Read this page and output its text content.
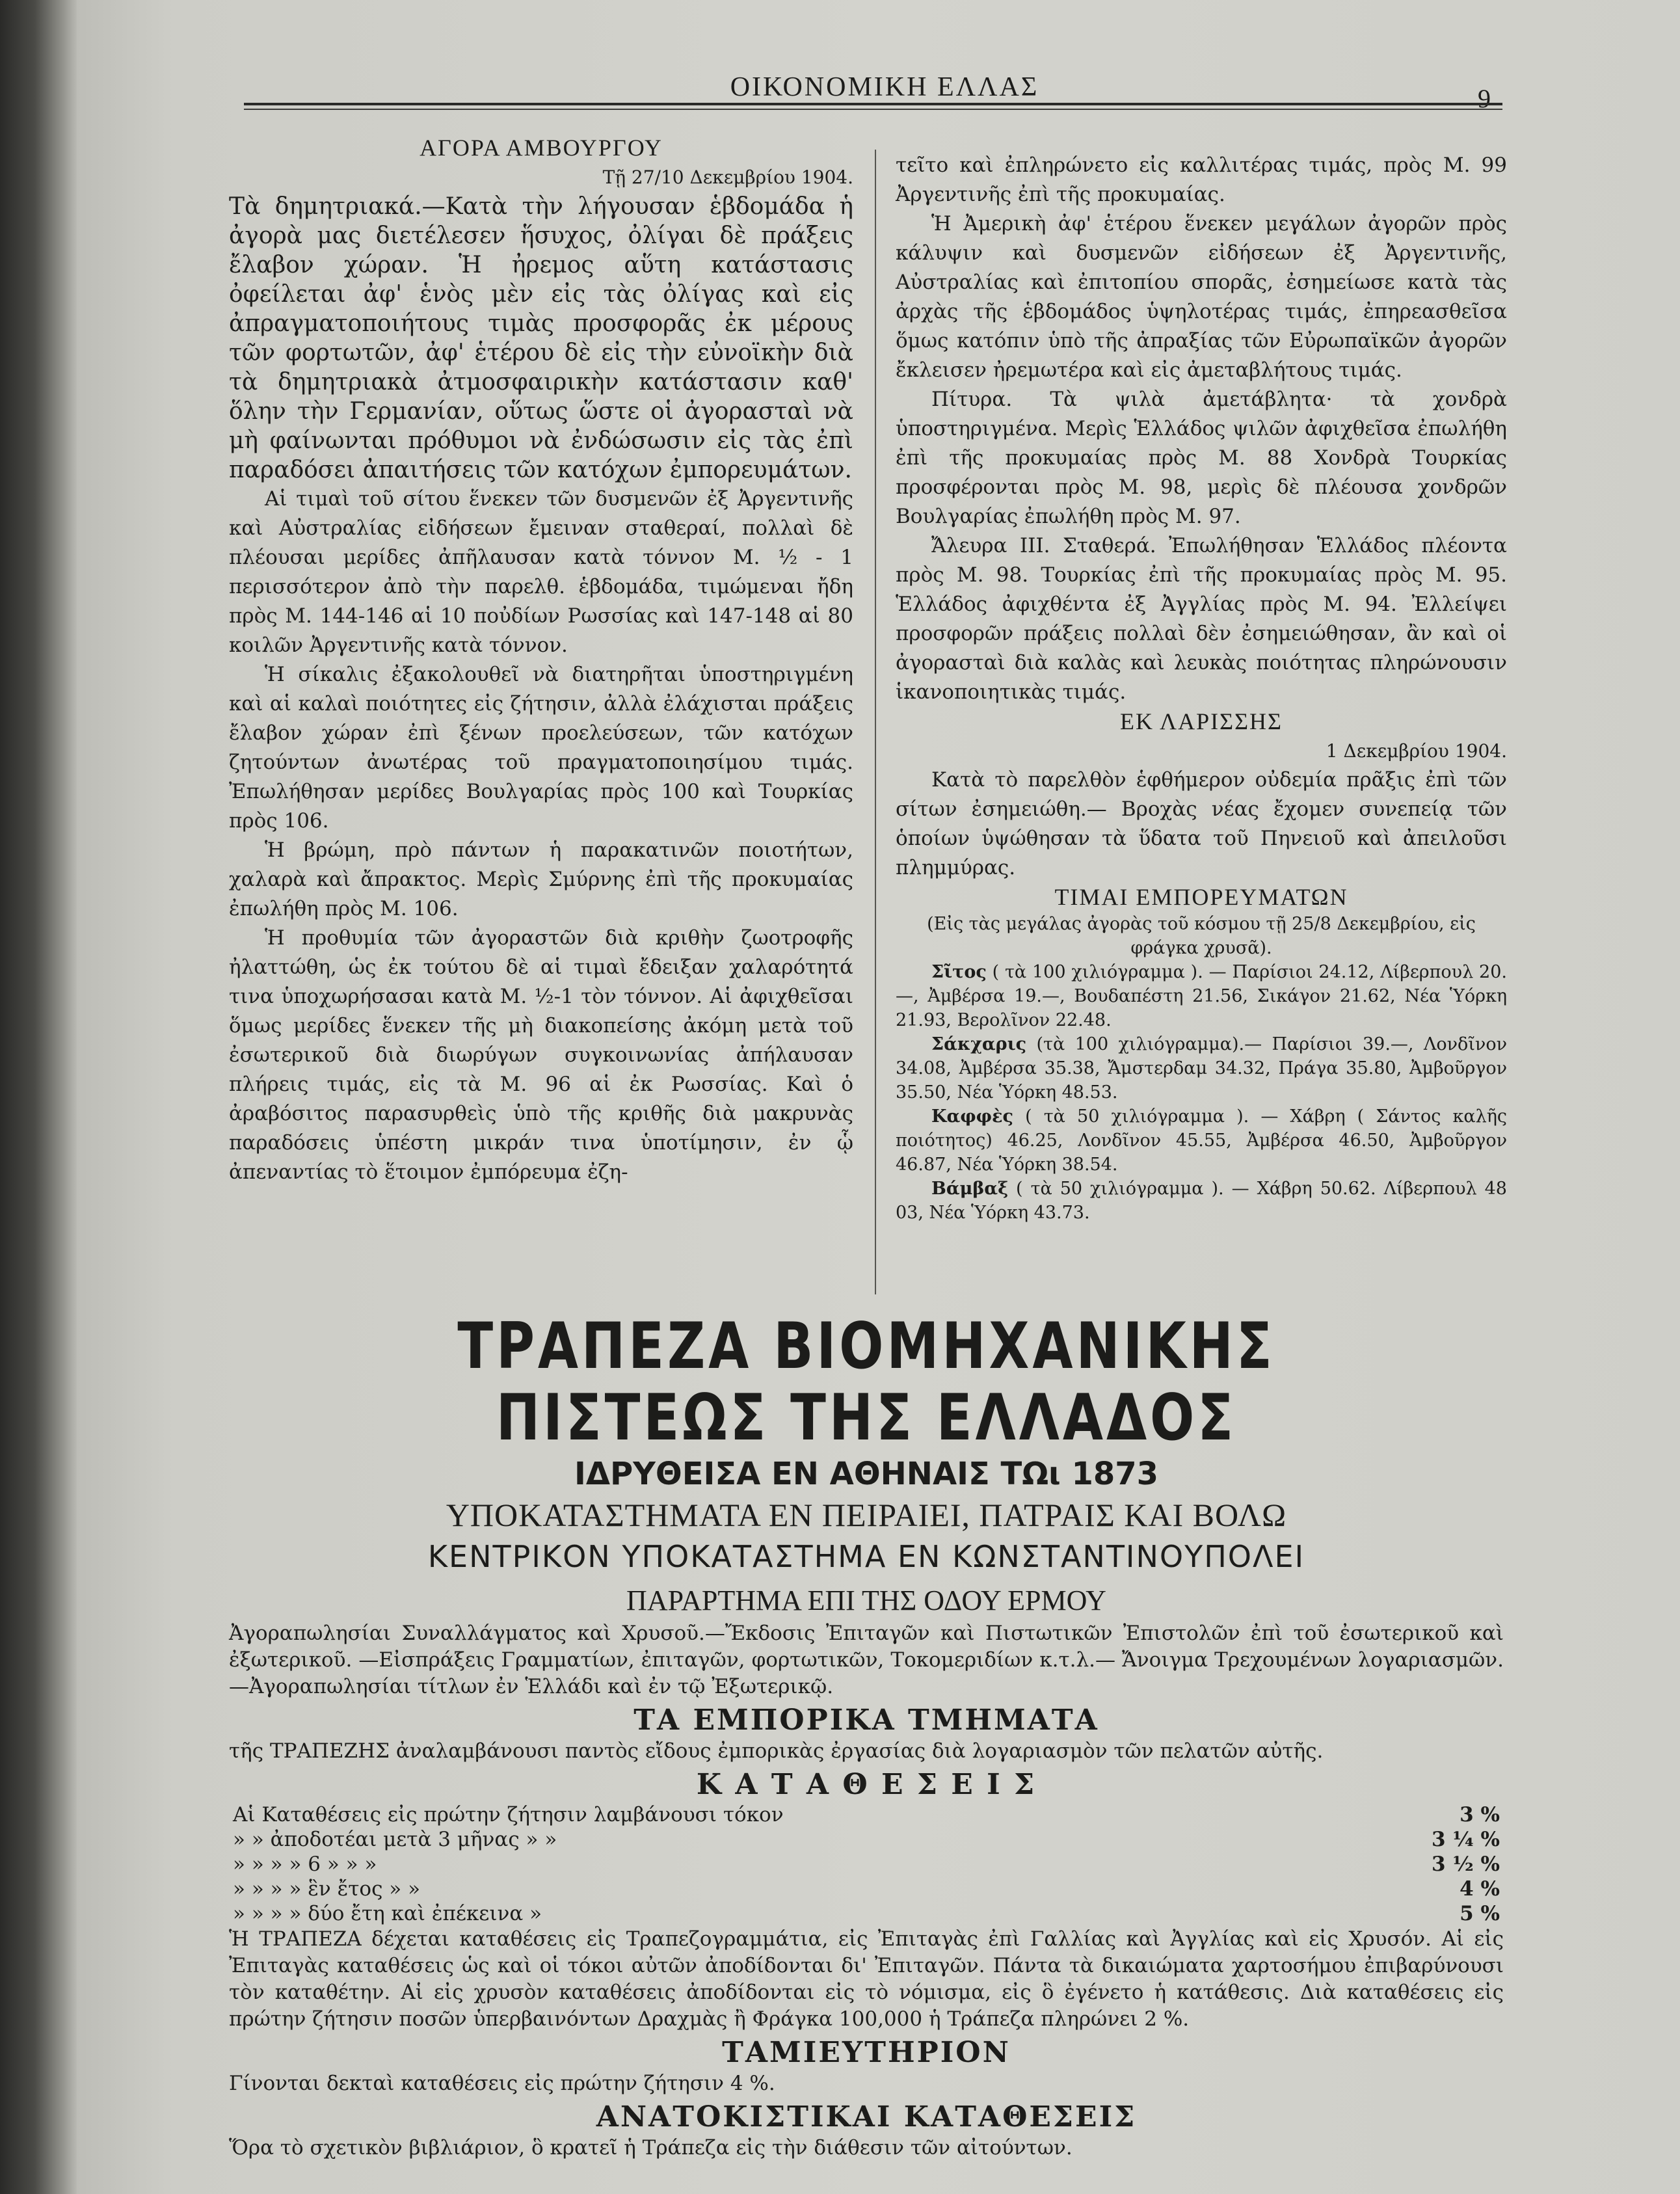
ΟΙΚΟΝΟΜΙΚΗ ΕΛΛΑΣ	9

ΑΓΟΡΑ ΑΜΒΟΥΡΓΟΥ

Τῇ 27/10 Δεκεμβρίου 1904.

Τὰ δημητριακά.—Κατὰ τὴν λήγουσαν ἑβδομάδα ἡ ἀγορὰ μας διετέλεσεν ἥσυχος, ὀλίγαι δὲ πράξεις ἔλαβον χώραν. Ἡ ἠρεμος αὕτη κατάστασις ὀφείλεται ἀφ' ἑνὸς μὲν εἰς τὰς ὀλίγας καὶ εἰς ἀπραγματοποιήτους τιμὰς προσφορᾶς ἐκ μέρους τῶν φορτωτῶν, ἀφ' ἑτέρου δὲ εἰς τὴν εὐνοϊκὴν διὰ τὰ δημητριακὰ ἀτμοσφαιρικὴν κατάστασιν καθ' ὅλην τὴν Γερμανίαν, οὕτως ὥστε οἱ ἀγορασταὶ νὰ μὴ φαίνωνται πρόθυμοι νὰ ἐνδώσωσιν εἰς τὰς ἐπὶ παραδόσει ἀπαιτήσεις τῶν κατόχων ἐμπορευμάτων.

Αἱ τιμαὶ τοῦ σίτου ἕνεκεν τῶν δυσμενῶν ἐξ Ἀργεντινῆς καὶ Αὐστραλίας εἰδήσεων ἔμειναν σταθεραί, πολλαὶ δὲ πλέουσαι μερίδες ἀπῆλαυσαν κατὰ τόννον Μ. ½ - 1 περισσότερον ἀπὸ τὴν παρελθ. ἑβδομάδα, τιμώμεναι ἤδη πρὸς Μ. 144-146 αἱ 10 ποὐδίων Ρωσσίας καὶ 147-148 αἱ 80 κοιλῶν Ἀργεντινῆς κατὰ τόννον.

Ἡ σίκαλις ἐξακολουθεῖ νὰ διατηρῆται ὑποστηριγμένη καὶ αἱ καλαὶ ποιότητες εἰς ζήτησιν, ἀλλὰ ἐλάχισται πράξεις ἔλαβον χώραν ἐπὶ ξένων προελεύσεων, τῶν κατόχων ζητούντων ἀνωτέρας τοῦ πραγματοποιησίμου τιμάς. Ἐπωλήθησαν μερίδες Βουλγαρίας πρὸς 100 καὶ Τουρκίας πρὸς 106.

Ἡ βρώμη, πρὸ πάντων ἡ παρακατινῶν ποιοτήτων, χαλαρὰ καὶ ἄπρακτος. Μερὶς Σμύρνης ἐπὶ τῆς προκυμαίας ἐπωλήθη πρὸς Μ. 106.

Ἡ προθυμία τῶν ἀγοραστῶν διὰ κριθὴν ζωοτροφῆς ἠλαττώθη, ὡς ἐκ τούτου δὲ αἱ τιμαὶ ἔδειξαν χαλαρότητά τινα ὑποχωρήσασαι κατὰ Μ. ½-1 τὸν τόννον. Αἱ ἀφιχθεῖσαι ὅμως μερίδες ἕνεκεν τῆς μὴ διακοπείσης ἀκόμη μετὰ τοῦ ἐσωτερικοῦ διὰ διωρύγων συγκοινωνίας ἀπήλαυσαν πλήρεις τιμάς, εἰς τὰ Μ. 96 αἱ ἐκ Ρωσσίας. Καὶ ὁ ἀραβόσιτος παρασυρθεὶς ὑπὸ τῆς κριθῆς διὰ μακρυνὰς παραδόσεις ὑπέστη μικράν τινα ὑποτίμησιν, ἐν ᾧ ἀπεναντίας τὸ ἕτοιμον ἐμπόρευμα ἐζη-

τεῖτο καὶ ἐπληρώνετο εἰς καλλιτέρας τιμάς, πρὸς Μ. 99 Ἀργεντινῆς ἐπὶ τῆς προκυμαίας.

Ἡ Ἀμερικὴ ἀφ' ἑτέρου ἕνεκεν μεγάλων ἀγορῶν πρὸς κάλυψιν καὶ δυσμενῶν εἰδήσεων ἐξ Ἀργεντινῆς, Αὐστραλίας καὶ ἐπιτοπίου σπορᾶς, ἐσημείωσε κατὰ τὰς ἀρχὰς τῆς ἑβδομάδος ὑψηλοτέρας τιμάς, ἐπηρεασθεῖσα ὅμως κατόπιν ὑπὸ τῆς ἀπραξίας τῶν Εὐρωπαϊκῶν ἀγορῶν ἔκλεισεν ἠρεμωτέρα καὶ εἰς ἀμεταβλήτους τιμάς.

Πίτυρα. Τὰ ψιλὰ ἀμετάβλητα· τὰ χονδρὰ ὑποστηριγμένα. Μερὶς Ἑλλάδος ψιλῶν ἀφιχθεῖσα ἐπωλήθη ἐπὶ τῆς προκυμαίας πρὸς Μ. 88 Χονδρὰ Τουρκίας προσφέρονται πρὸς Μ. 98, μερὶς δὲ πλέουσα χονδρῶν Βουλγαρίας ἐπωλήθη πρὸς Μ. 97.

Ἄλευρα ΙΙΙ. Σταθερά. Ἐπωλήθησαν Ἑλλάδος πλέοντα πρὸς Μ. 98. Τουρκίας ἐπὶ τῆς προκυμαίας πρὸς Μ. 95. Ἑλλάδος ἀφιχθέντα ἐξ Ἀγγλίας πρὸς Μ. 94. Ἐλλείψει προσφορῶν πράξεις πολλαὶ δὲν ἐσημειώθησαν, ἂν καὶ οἱ ἀγορασταὶ διὰ καλὰς καὶ λευκὰς ποιότητας πληρώνουσιν ἱκανοποιητικὰς τιμάς.

ΕΚ ΛΑΡΙΣΣΗΣ

1 Δεκεμβρίου 1904.

Κατὰ τὸ παρελθὸν ἑφθήμερον οὐδεμία πρᾶξις ἐπὶ τῶν σίτων ἐσημειώθη.— Βροχὰς νέας ἔχομεν συνεπείᾳ τῶν ὁποίων ὑψώθησαν τὰ ὕδατα τοῦ Πηνειοῦ καὶ ἀπειλοῦσι πλημμύρας.

ΤΙΜΑΙ ΕΜΠΟΡΕΥΜΑΤΩΝ

(Εἰς τὰς μεγάλας ἀγορὰς τοῦ κόσμου τῇ 25/8 Δεκεμβρίου, εἰς φράγκα χρυσᾶ).

Σῖτος ( τὰ 100 χιλιόγραμμα ). — Παρίσιοι 24.12, Λίβερπουλ 20.—, Ἀμβέρσα 19.—, Βουδαπέστη 21.56, Σικάγον 21.62, Νέα Ὑόρκη 21.93, Βερολῖνον 22.48.

Σάκχαρις (τὰ 100 χιλιόγραμμα).— Παρίσιοι 39.—, Λονδῖνον 34.08, Ἀμβέρσα 35.38, Ἄμστερδαμ 34.32, Πράγα 35.80, Ἀμβοῦργον 35.50, Νέα Ὑόρκη 48.53.

Καφφὲς ( τὰ 50 χιλιόγραμμα ). — Χάβρη ( Σάντος καλῆς ποιότητος) 46.25, Λονδῖνον 45.55, Ἀμβέρσα 46.50, Ἀμβοῦργον 46.87, Νέα Ὑόρκη 38.54.

Βάμβαξ ( τὰ 50 χιλιόγραμμα ). — Χάβρη 50.62. Λίβερπουλ 48 03, Νέα Ὑόρκη 43.73.

ΤΡΑΠΕΖΑ ΒΙΟΜΗΧΑΝΙΚΗΣ ΠΙΣΤΕΩΣ ΤΗΣ ΕΛΛΑΔΟΣ

ΙΔΡΥΘΕΙΣΑ ΕΝ ΑΘΗΝΑΙΣ ΤΩι 1873

ΥΠΟΚΑΤΑΣΤΗΜΑΤΑ ΕΝ ΠΕΙΡΑΙΕΙ, ΠΑΤΡΑΙΣ ΚΑΙ ΒΟΛΩ

ΚΕΝΤΡΙΚΟΝ ΥΠΟΚΑΤΑΣΤΗΜΑ ΕΝ ΚΩΝΣΤΑΝΤΙΝΟΥΠΟΛΕΙ

ΠΑΡΑΡΤΗΜΑ ΕΠΙ ΤΗΣ ΟΔΟΥ ΕΡΜΟΥ

Ἀγοραπωλησίαι Συναλλάγματος καὶ Χρυσοῦ.—Ἔκδοσις Ἐπιταγῶν καὶ Πιστωτικῶν Ἐπιστολῶν ἐπὶ τοῦ ἐσωτερικοῦ καὶ ἐξωτερικοῦ. —Εἰσπράξεις Γραμματίων, ἐπιταγῶν, φορτωτικῶν, Τοκομεριδίων κ.τ.λ.— Ἄνοιγμα Τρεχουμένων λογαριασμῶν.—Ἀγοραπωλησίαι τίτλων ἐν Ἑλλάδι καὶ ἐν τῷ Ἐξωτερικῷ.

ΤΑ ΕΜΠΟΡΙΚΑ ΤΜΗΜΑΤΑ

τῆς ΤΡΑΠΕΖΗΣ ἀναλαμβάνουσι παντὸς εἴδους ἐμπορικὰς ἐργασίας διὰ λογαριασμὸν τῶν πελατῶν αὐτῆς.

Κ Α Τ Α Θ Ε Σ Ε Ι Σ

Αἱ Καταθέσεις εἰς πρώτην ζήτησιν λαμβάνουσι τόκον	3 %
» » ἀποδοτέαι μετὰ 3 μῆνας » »	3 ¼ %
» » » » 6 » » »	3 ½ %
» » » » ἓν ἔτος » »	4 %
» » » » δύο ἔτη καὶ ἐπέκεινα »	5 %

Ἡ ΤΡΑΠΕΖΑ δέχεται καταθέσεις εἰς Τραπεζογραμμάτια, εἰς Ἐπιταγὰς ἐπὶ Γαλλίας καὶ Ἀγγλίας καὶ εἰς Χρυσόν. Αἱ εἰς Ἐπιταγὰς καταθέσεις ὡς καὶ οἱ τόκοι αὐτῶν ἀποδίδονται δι' Ἐπιταγῶν. Πάντα τὰ δικαιώματα χαρτοσήμου ἐπιβαρύνουσι τὸν καταθέτην. Αἱ εἰς χρυσὸν καταθέσεις ἀποδίδονται εἰς τὸ νόμισμα, εἰς ὃ ἐγένετο ἡ κατάθεσις. Διὰ καταθέσεις εἰς πρώτην ζήτησιν ποσῶν ὑπερβαινόντων Δραχμὰς ἢ Φράγκα 100,000 ἡ Τράπεζα πληρώνει 2 %.

ΤΑΜΙΕΥΤΗΡΙΟΝ

Γίνονται δεκταὶ καταθέσεις εἰς πρώτην ζήτησιν 4 %.

ΑΝΑΤΟΚΙΣΤΙΚΑΙ ΚΑΤΑΘΕΣΕΙΣ

Ὅρα τὸ σχετικὸν βιβλιάριον, ὃ κρατεῖ ἡ Τράπεζα εἰς τὴν διάθεσιν τῶν αἰτούντων.
